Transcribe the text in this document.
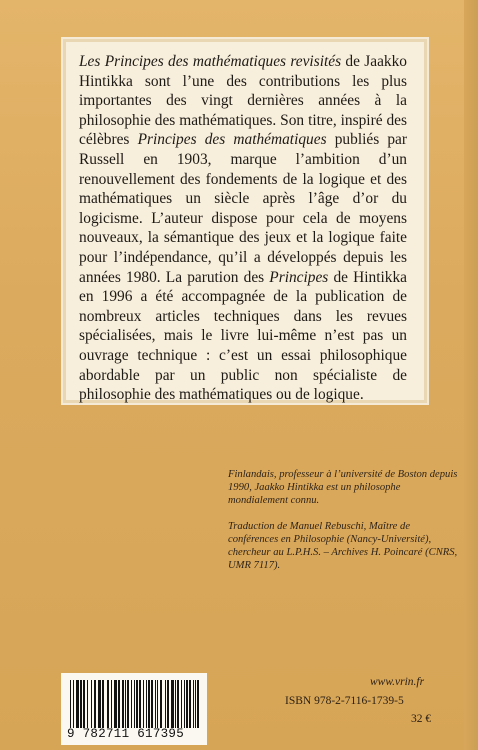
Les Principes des mathématiques revisités de Jaakko Hintikka sont l’une des contributions les plus importantes des vingt dernières années à la philosophie des mathématiques. Son titre, inspiré des célèbres Principes des mathématiques publiés par Russell en 1903, marque l’ambition d’un renouvellement des fondements de la logique et des mathématiques un siècle après l’âge d’or du logicisme. L’auteur dispose pour cela de moyens nouveaux, la sémantique des jeux et la logique faite pour l’indépendance, qu’il a développés depuis les années 1980. La parution des Principes de Hintikka en 1996 a été accompagnée de la publication de nombreux articles techniques dans les revues spécialisées, mais le livre lui-même n’est pas un ouvrage technique : c’est un essai philosophique abordable par un public non spécialiste de philosophie des mathématiques ou de logique.
Finlandais, professeur à l’université de Boston depuis 1990, Jaakko Hintikka est un philosophe mondialement connu.
Traduction de Manuel Rebuschi, Maître de conférences en Philosophie (Nancy-Université), chercheur au L.P.H.S. – Archives H. Poincaré (CNRS, UMR 7117).
9 782711 617395
www.vrin.fr
ISBN 978-2-7116-1739-5
32 €
